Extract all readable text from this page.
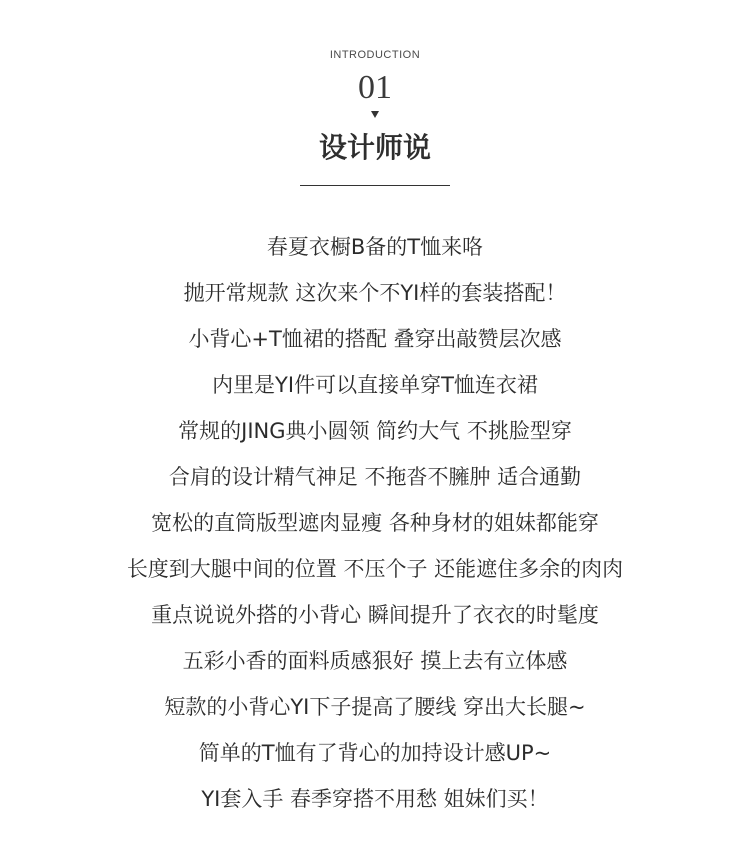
INTRODUCTION
01
设计师说
春夏衣橱B备的T恤来咯
抛开常规款 这次来个不YI样的套装搭配！
小背心+T恤裙的搭配 叠穿出敲赞层次感
内里是YI件可以直接单穿T恤连衣裙
常规的JING典小圆领 简约大气 不挑脸型穿
合肩的设计精气神足 不拖沓不臃肿 适合通勤
宽松的直筒版型遮肉显瘦 各种身材的姐妹都能穿
长度到大腿中间的位置 不压个子 还能遮住多余的肉肉
重点说说外搭的小背心 瞬间提升了衣衣的时髦度
五彩小香的面料质感狠好 摸上去有立体感
短款的小背心YI下子提高了腰线 穿出大长腿~
简单的T恤有了背心的加持设计感UP~
YI套入手 春季穿搭不用愁 姐妹们买！
